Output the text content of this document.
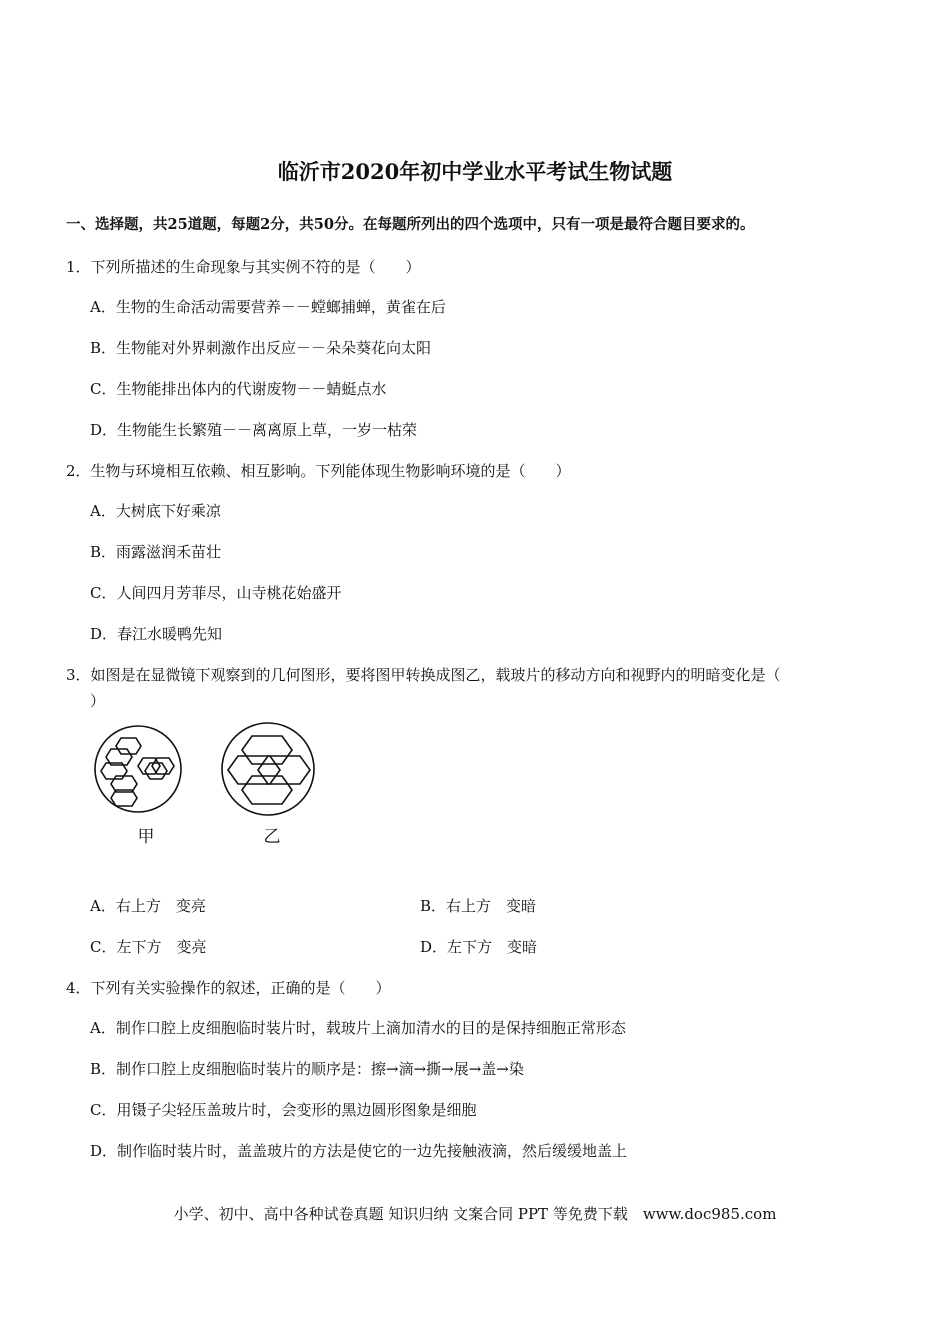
临沂市2020年初中学业水平考试生物试题
一、选择题，共25道题，每题2分，共50分。在每题所列出的四个选项中，只有一项是最符合题目要求的。
1．下列所描述的生命现象与其实例不符的是（　　）
A．生物的生命活动需要营养－－螳螂捕蝉，黄雀在后
B．生物能对外界刺激作出反应－－朵朵葵花向太阳
C．生物能排出体内的代谢废物－－蜻蜓点水
D．生物能生长繁殖－－离离原上草，一岁一枯荣
2．生物与环境相互依赖、相互影响。下列能体现生物影响环境的是（　　）
A．大树底下好乘凉
B．雨露滋润禾苗壮
C．人间四月芳菲尽，山寺桃花始盛开
D．春江水暖鸭先知
3．如图是在显微镜下观察到的几何图形，要将图甲转换成图乙，载玻片的移动方向和视野内的明暗变化是（
）
甲	乙
A．右上方　变亮	B．右上方　变暗
C．左下方　变亮	D．左下方　变暗
4．下列有关实验操作的叙述，正确的是（　　）
A．制作口腔上皮细胞临时装片时，载玻片上滴加清水的目的是保持细胞正常形态
B．制作口腔上皮细胞临时装片的顺序是：擦→滴→撕→展→盖→染
C．用镊子尖轻压盖玻片时，会变形的黑边圆形图象是细胞
D．制作临时装片时，盖盖玻片的方法是使它的一边先接触液滴，然后缓缓地盖上
小学、初中、高中各种试卷真题 知识归纳 文案合同 PPT 等免费下载　www.doc985.com
